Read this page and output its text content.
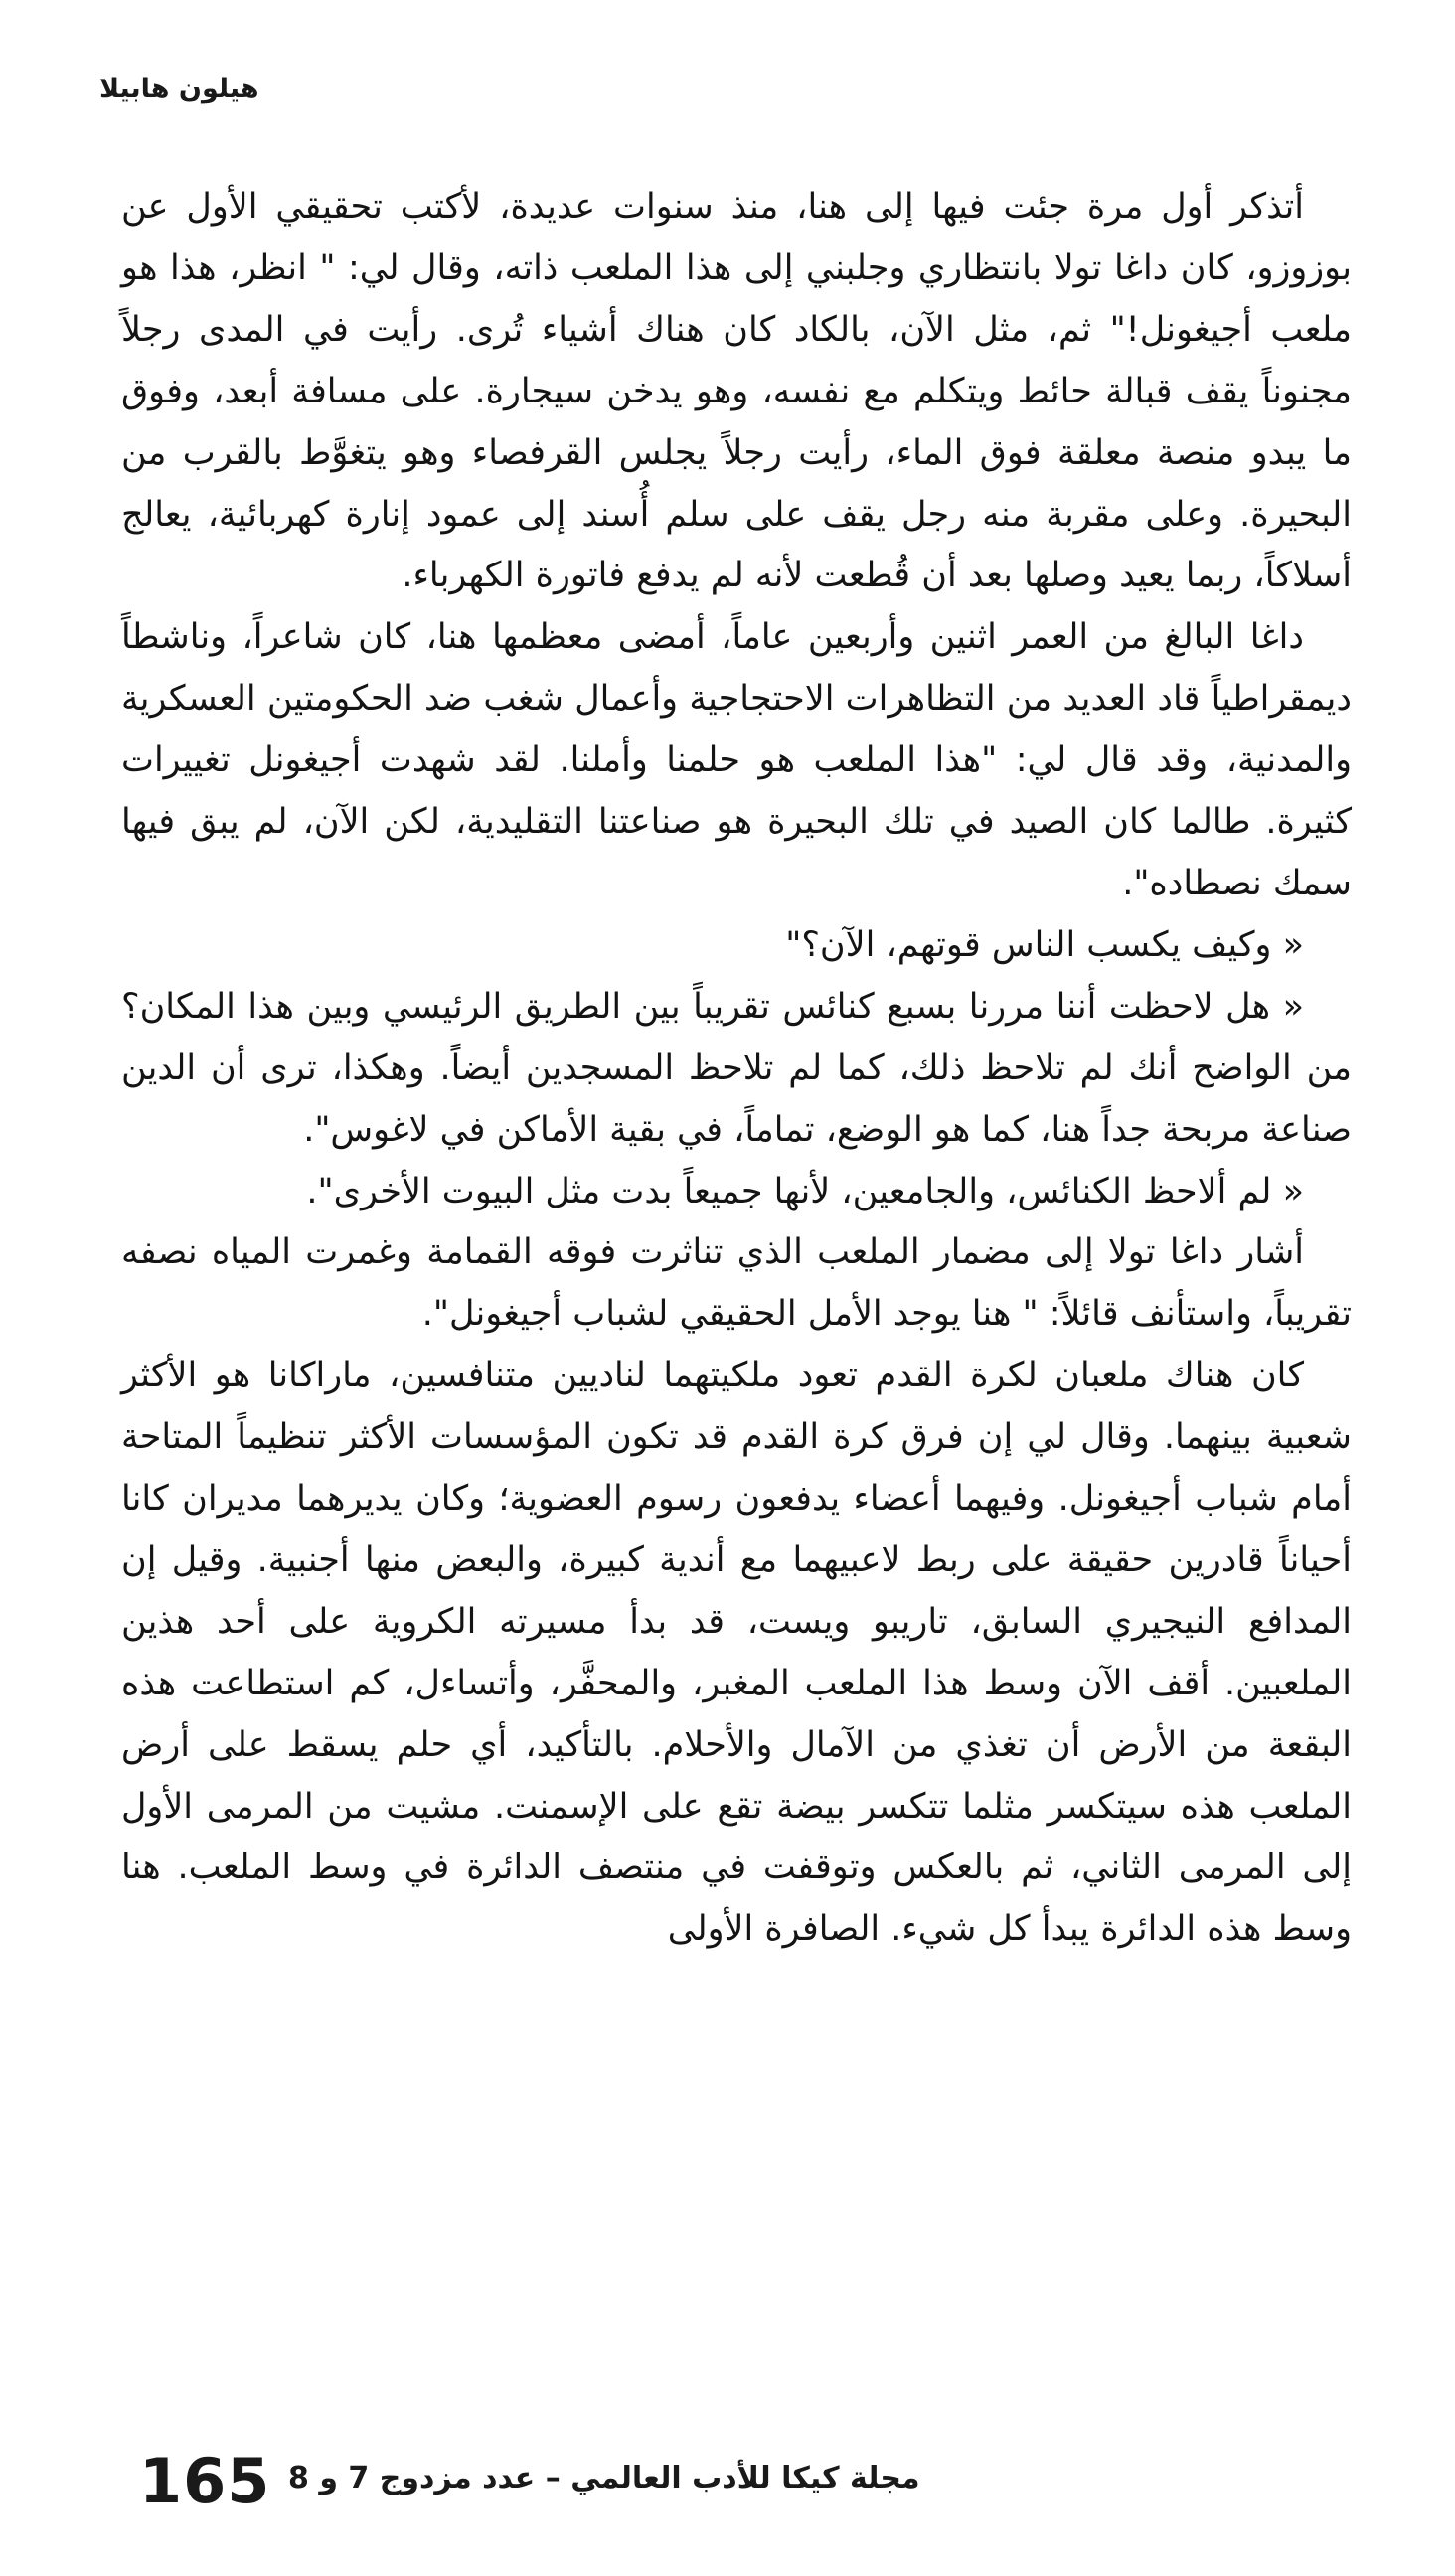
هيلون هابيلا

أتذكر أول مرة جئت فيها إلى هنا، منذ سنوات عديدة، لأكتب تحقيقي الأول عن بوزوزو، كان داغا تولا بانتظاري وجلبني إلى هذا الملعب ذاته، وقال لي: " انظر، هذا هو ملعب أجيغونل!" ثم، مثل الآن، بالكاد كان هناك أشياء تُرى. رأيت في المدى رجلاً مجنوناً يقف قبالة حائط ويتكلم مع نفسه، وهو يدخن سيجارة. على مسافة أبعد، وفوق ما يبدو منصة معلقة فوق الماء، رأيت رجلاً يجلس القرفصاء وهو يتغوَّط بالقرب من البحيرة. وعلى مقربة منه رجل يقف على سلم أُسند إلى عمود إنارة كهربائية، يعالج أسلاكاً، ربما يعيد وصلها بعد أن قُطعت لأنه لم يدفع فاتورة الكهرباء.

داغا البالغ من العمر اثنين وأربعين عاماً، أمضى معظمها هنا، كان شاعراً، وناشطاً ديمقراطياً قاد العديد من التظاهرات الاحتجاجية وأعمال شغب ضد الحكومتين العسكرية والمدنية، وقد قال لي: "هذا الملعب هو حلمنا وأملنا. لقد شهدت أجيغونل تغييرات كثيرة. طالما كان الصيد في تلك البحيرة هو صناعتنا التقليدية، لكن الآن، لم يبق فيها سمك نصطاده".

« وكيف يكسب الناس قوتهم، الآن؟"

« هل لاحظت أننا مررنا بسبع كنائس تقريباً بين الطريق الرئيسي وبين هذا المكان؟ من الواضح أنك لم تلاحظ ذلك، كما لم تلاحظ المسجدين أيضاً. وهكذا، ترى أن الدين صناعة مربحة جداً هنا، كما هو الوضع، تماماً، في بقية الأماكن في لاغوس".

« لم ألاحظ الكنائس، والجامعين، لأنها جميعاً بدت مثل البيوت الأخرى".

أشار داغا تولا إلى مضمار الملعب الذي تناثرت فوقه القمامة وغمرت المياه نصفه تقريباً، واستأنف قائلاً: " هنا يوجد الأمل الحقيقي لشباب أجيغونل".

كان هناك ملعبان لكرة القدم تعود ملكيتهما لناديين متنافسين، ماراكانا هو الأكثر شعبية بينهما. وقال لي إن فرق كرة القدم قد تكون المؤسسات الأكثر تنظيماً المتاحة أمام شباب أجيغونل. وفيهما أعضاء يدفعون رسوم العضوية؛ وكان يديرهما مديران كانا أحياناً قادرين حقيقة على ربط لاعبيهما مع أندية كبيرة، والبعض منها أجنبية. وقيل إن المدافع النيجيري السابق، تاريبو ويست، قد بدأ مسيرته الكروية على أحد هذين الملعبين. أقف الآن وسط هذا الملعب المغبر، والمحفَّر، وأتساءل، كم استطاعت هذه البقعة من الأرض أن تغذي من الآمال والأحلام. بالتأكيد، أي حلم يسقط على أرض الملعب هذه سيتكسر مثلما تتكسر بيضة تقع على الإسمنت. مشيت من المرمى الأول إلى المرمى الثاني، ثم بالعكس وتوقفت في منتصف الدائرة في وسط الملعب. هنا وسط هذه الدائرة يبدأ كل شيء. الصافرة الأولى

165 مجلة كيكا للأدب العالمي – عدد مزدوج 7 و 8
